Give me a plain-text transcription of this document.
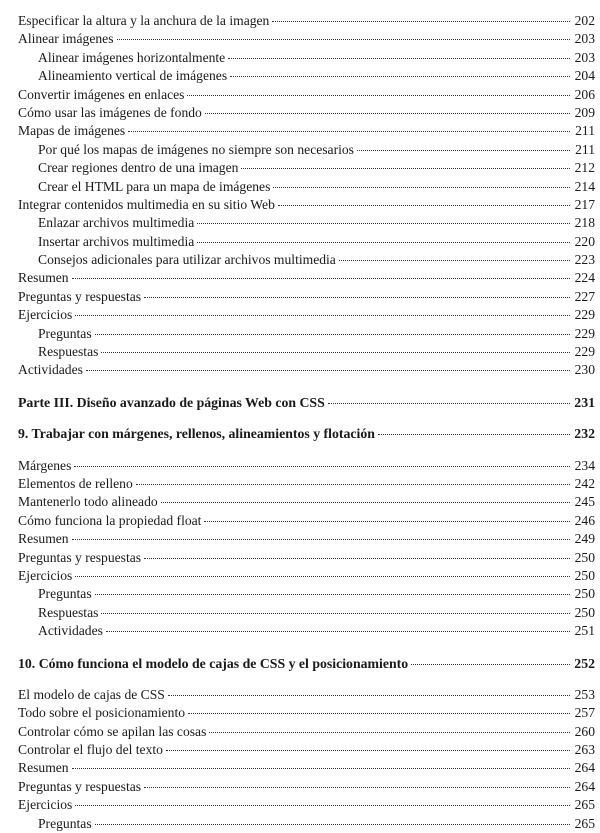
Especificar la altura y la anchura de la imagen	202
Alinear imágenes	203
Alinear imágenes horizontalmente	203
Alineamiento vertical de imágenes	204
Convertir imágenes en enlaces	206
Cómo usar las imágenes de fondo	209
Mapas de imágenes	211
Por qué los mapas de imágenes no siempre son necesarios	211
Crear regiones dentro de una imagen	212
Crear el HTML para un mapa de imágenes	214
Integrar contenidos multimedia en su sitio Web	217
Enlazar archivos multimedia	218
Insertar archivos multimedia	220
Consejos adicionales para utilizar archivos multimedia	223
Resumen	224
Preguntas y respuestas	227
Ejercicios	229
Preguntas	229
Respuestas	229
Actividades	230
Parte III. Diseño avanzado de páginas Web con CSS	231
9. Trabajar con márgenes, rellenos, alineamientos y flotación	232
Márgenes	234
Elementos de relleno	242
Mantenerlo todo alineado	245
Cómo funciona la propiedad float	246
Resumen	249
Preguntas y respuestas	250
Ejercicios	250
Preguntas	250
Respuestas	250
Actividades	251
10. Cómo funciona el modelo de cajas de CSS y el posicionamiento	252
El modelo de cajas de CSS	253
Todo sobre el posicionamiento	257
Controlar cómo se apilan las cosas	260
Controlar el flujo del texto	263
Resumen	264
Preguntas y respuestas	264
Ejercicios	265
Preguntas	265
